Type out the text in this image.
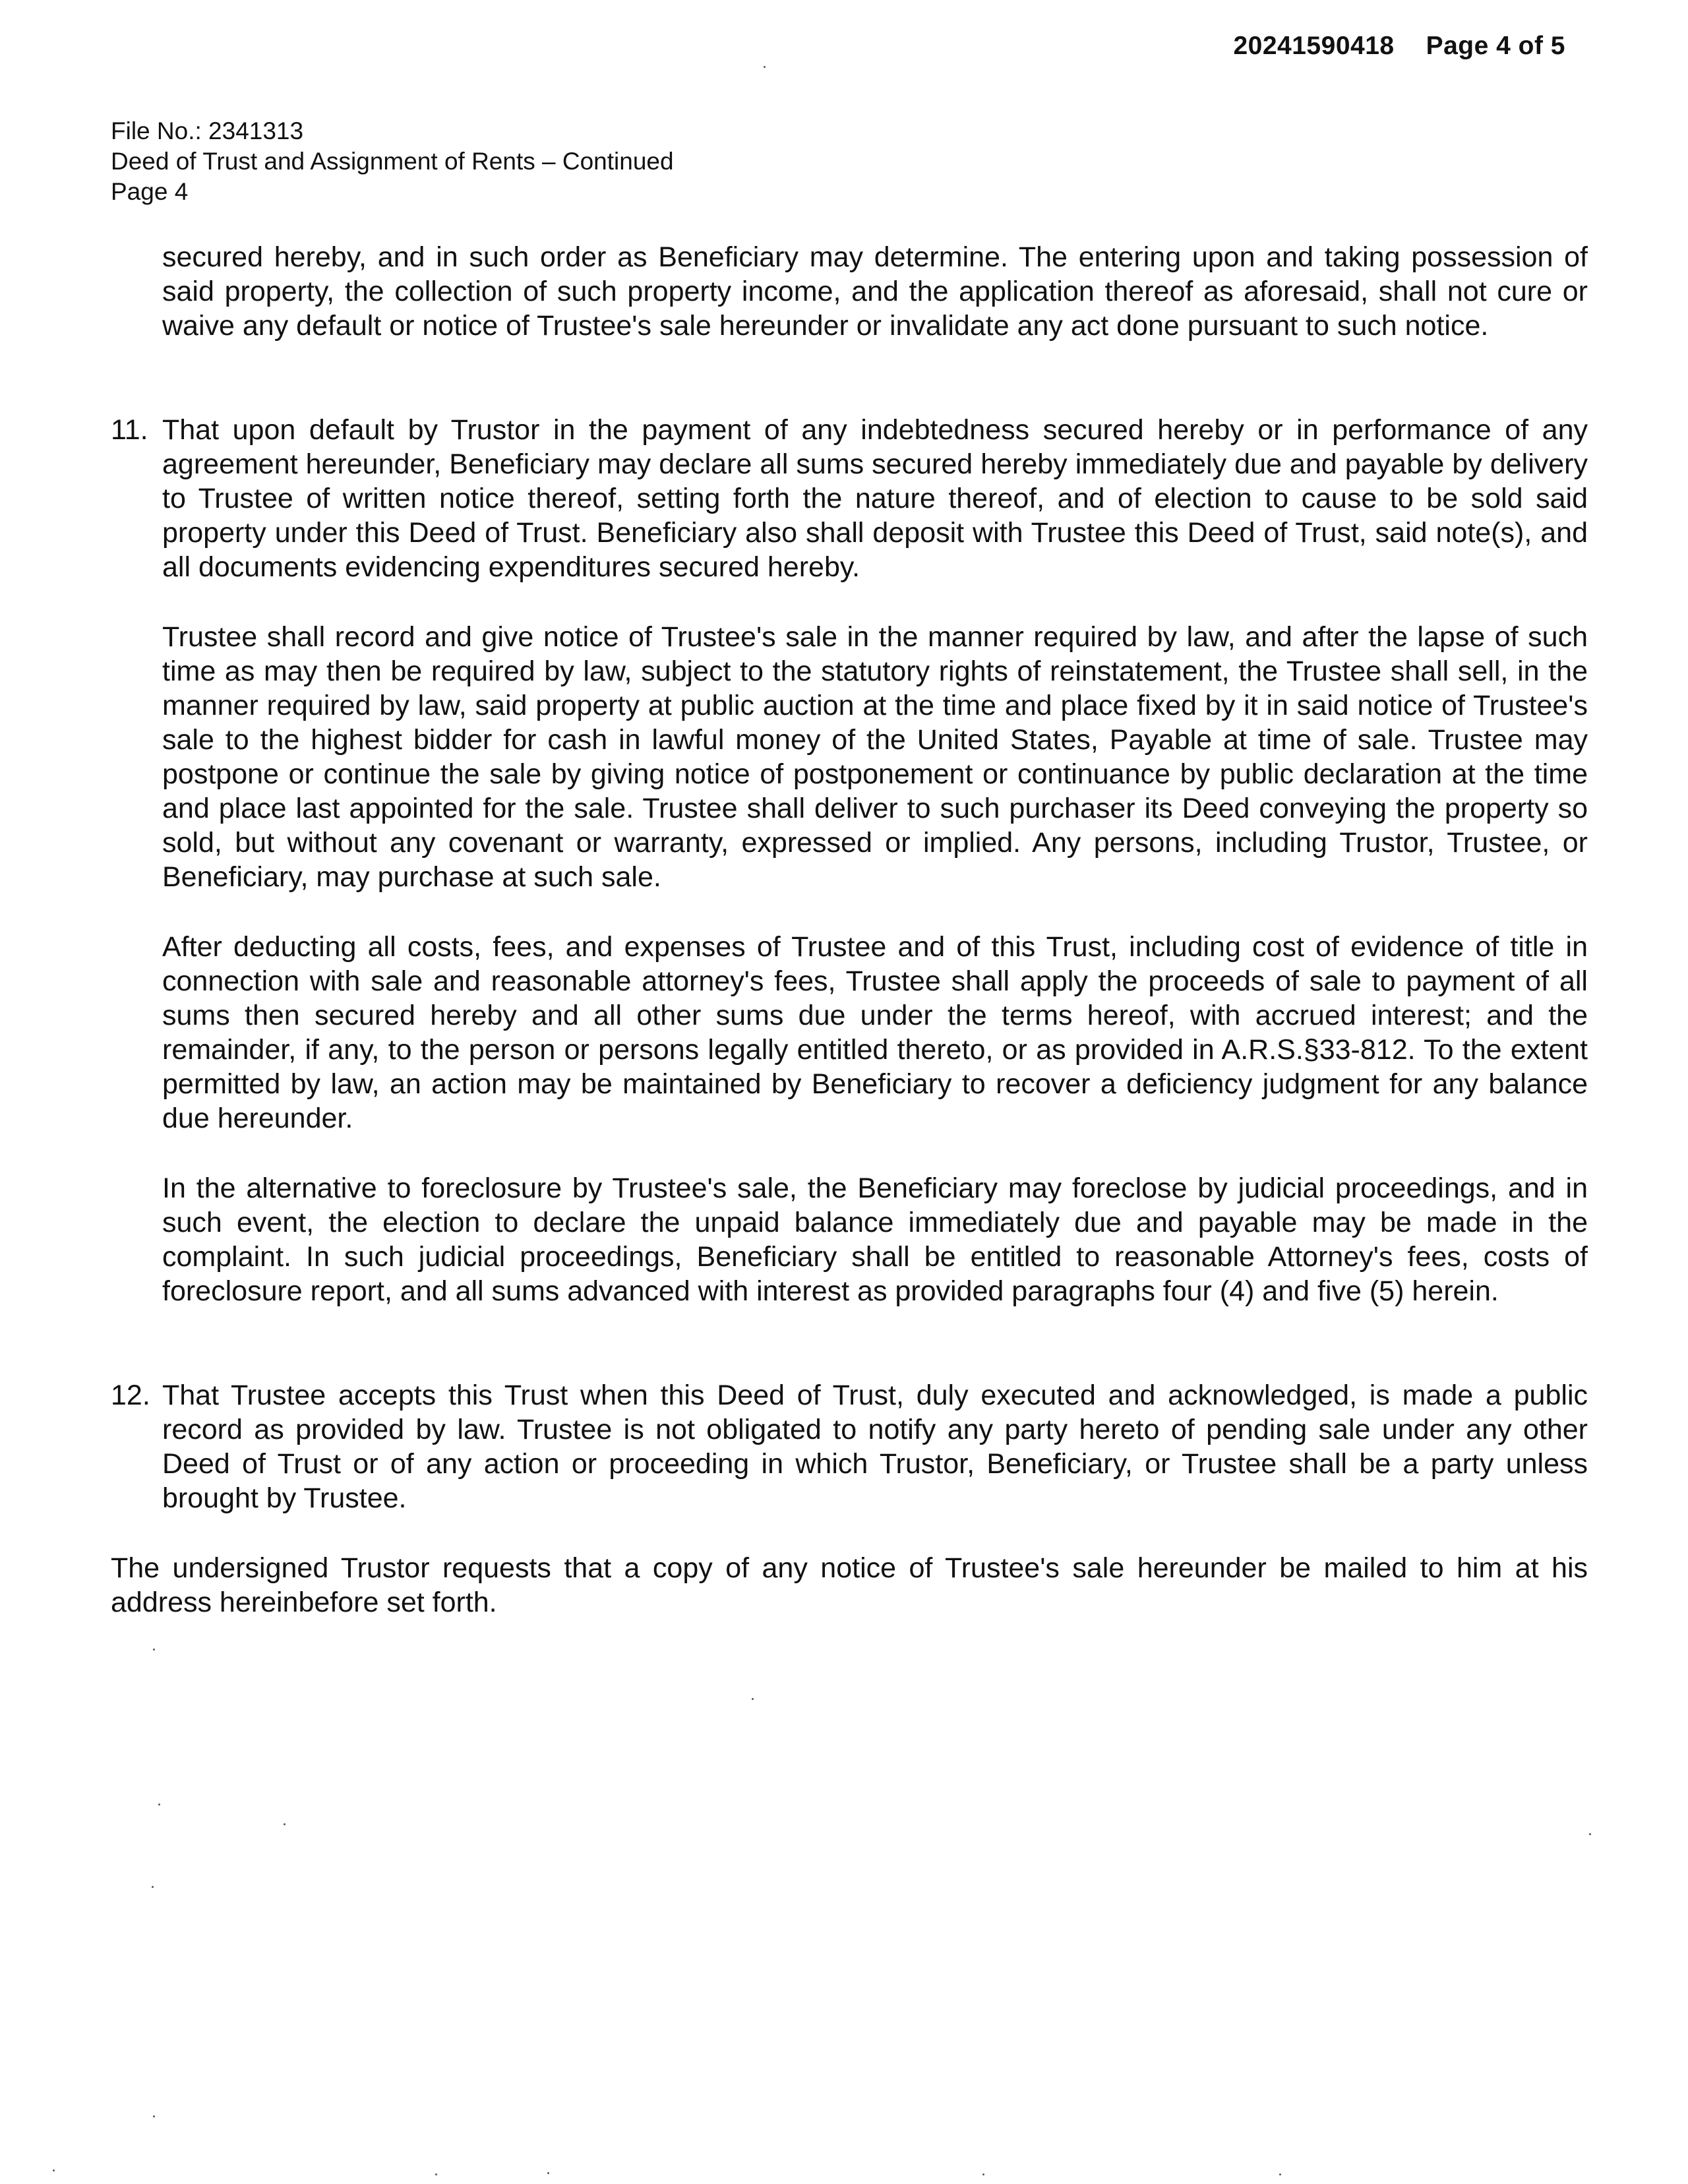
20241590418 Page 4 of 5
File No.: 2341313
Deed of Trust and Assignment of Rents – Continued
Page 4

secured hereby, and in such order as Beneficiary may determine. The entering upon and taking possession of said property, the collection of such property income, and the application thereof as aforesaid, shall not cure or waive any default or notice of Trustee's sale hereunder or invalidate any act done pursuant to such notice.

11. That upon default by Trustor in the payment of any indebtedness secured hereby or in performance of any agreement hereunder, Beneficiary may declare all sums secured hereby immediately due and payable by delivery to Trustee of written notice thereof, setting forth the nature thereof, and of election to cause to be sold said property under this Deed of Trust. Beneficiary also shall deposit with Trustee this Deed of Trust, said note(s), and all documents evidencing expenditures secured hereby.

Trustee shall record and give notice of Trustee's sale in the manner required by law, and after the lapse of such time as may then be required by law, subject to the statutory rights of reinstatement, the Trustee shall sell, in the manner required by law, said property at public auction at the time and place fixed by it in said notice of Trustee's sale to the highest bidder for cash in lawful money of the United States, Payable at time of sale. Trustee may postpone or continue the sale by giving notice of postponement or continuance by public declaration at the time and place last appointed for the sale. Trustee shall deliver to such purchaser its Deed conveying the property so sold, but without any covenant or warranty, expressed or implied. Any persons, including Trustor, Trustee, or Beneficiary, may purchase at such sale.

After deducting all costs, fees, and expenses of Trustee and of this Trust, including cost of evidence of title in connection with sale and reasonable attorney's fees, Trustee shall apply the proceeds of sale to payment of all sums then secured hereby and all other sums due under the terms hereof, with accrued interest; and the remainder, if any, to the person or persons legally entitled thereto, or as provided in A.R.S.§33-812. To the extent permitted by law, an action may be maintained by Beneficiary to recover a deficiency judgment for any balance due hereunder.

In the alternative to foreclosure by Trustee's sale, the Beneficiary may foreclose by judicial proceedings, and in such event, the election to declare the unpaid balance immediately due and payable may be made in the complaint. In such judicial proceedings, Beneficiary shall be entitled to reasonable Attorney's fees, costs of foreclosure report, and all sums advanced with interest as provided paragraphs four (4) and five (5) herein.

12. That Trustee accepts this Trust when this Deed of Trust, duly executed and acknowledged, is made a public record as provided by law. Trustee is not obligated to notify any party hereto of pending sale under any other Deed of Trust or of any action or proceeding in which Trustor, Beneficiary, or Trustee shall be a party unless brought by Trustee.

The undersigned Trustor requests that a copy of any notice of Trustee's sale hereunder be mailed to him at his address hereinbefore set forth.
